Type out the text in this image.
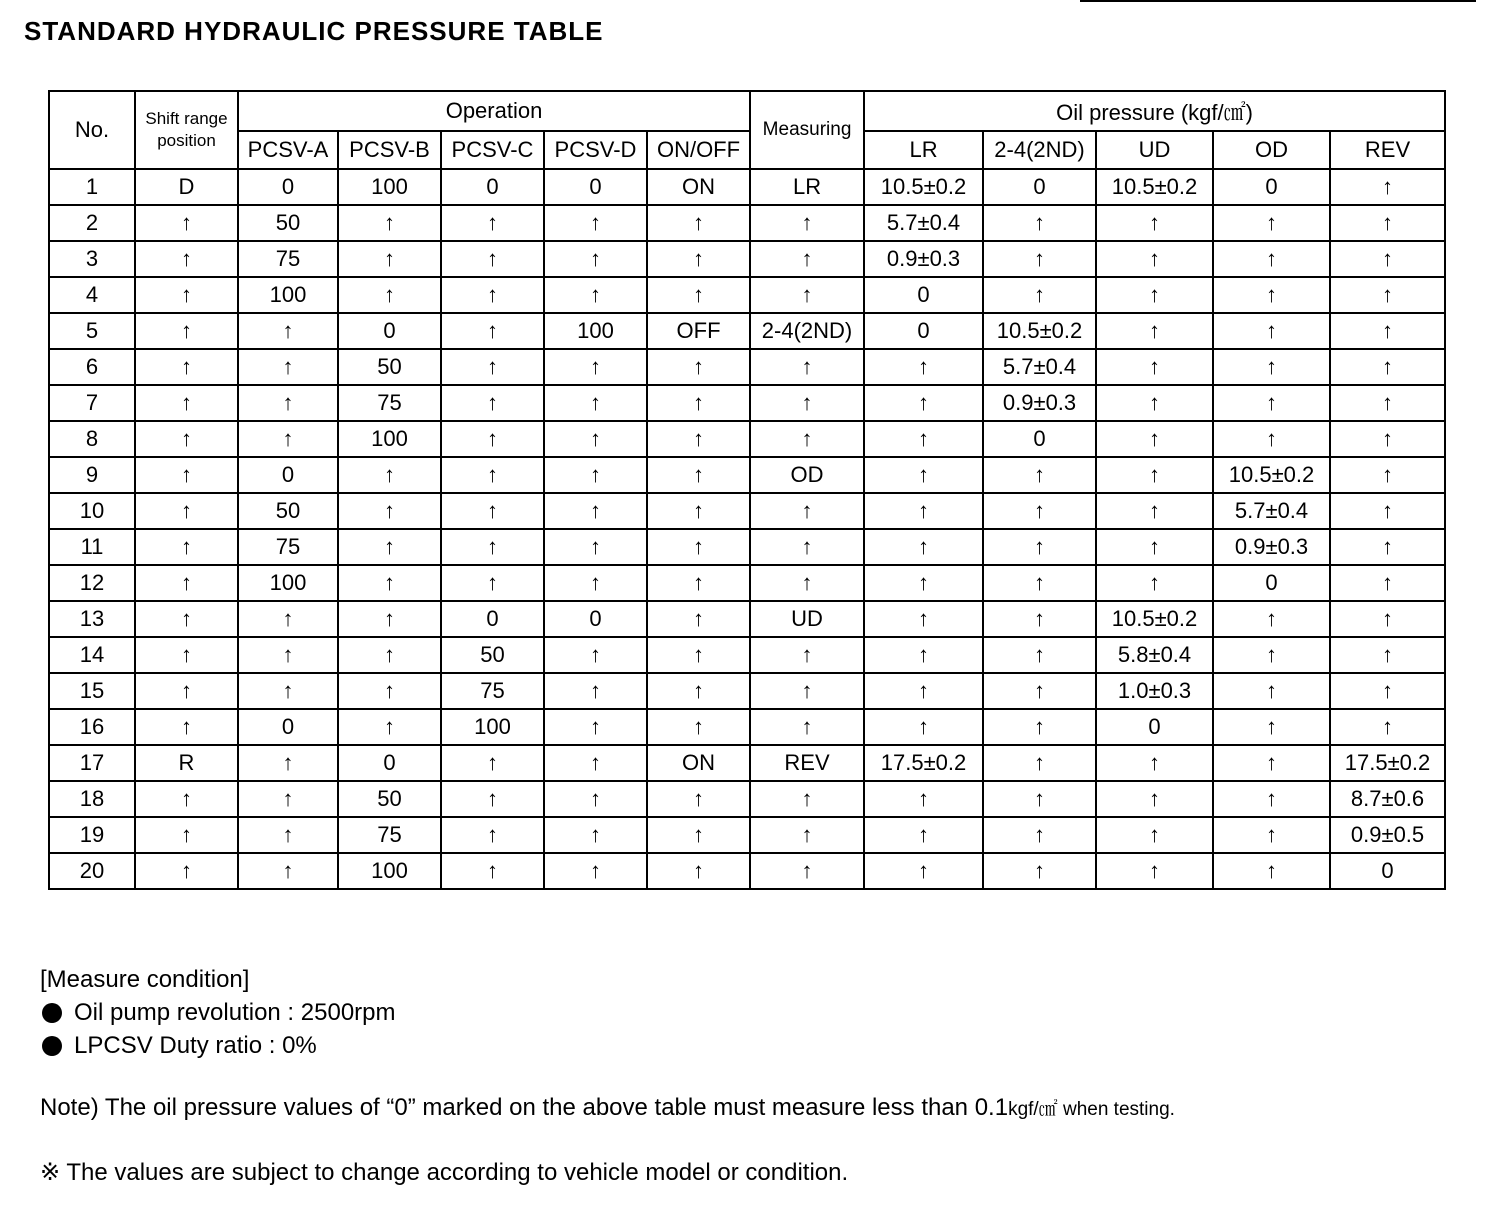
STANDARD HYDRAULIC PRESSURE TABLE
No.	Shift range position	Operation					Measuring	Oil pressure (kgf/㎠)				
		PCSV-A	PCSV-B	PCSV-C	PCSV-D	ON/OFF		LR	2-4(2ND)	UD	OD	REV
1	D	0	100	0	0	ON	LR	10.5±0.2	0	10.5±0.2	0	↑
2	↑	50	↑	↑	↑	↑	↑	5.7±0.4	↑	↑	↑	↑
3	↑	75	↑	↑	↑	↑	↑	0.9±0.3	↑	↑	↑	↑
4	↑	100	↑	↑	↑	↑	↑	0	↑	↑	↑	↑
5	↑	↑	0	↑	100	OFF	2-4(2ND)	0	10.5±0.2	↑	↑	↑
6	↑	↑	50	↑	↑	↑	↑	↑	5.7±0.4	↑	↑	↑
7	↑	↑	75	↑	↑	↑	↑	↑	0.9±0.3	↑	↑	↑
8	↑	↑	100	↑	↑	↑	↑	↑	0	↑	↑	↑
9	↑	0	↑	↑	↑	↑	OD	↑	↑	↑	10.5±0.2	↑
10	↑	50	↑	↑	↑	↑	↑	↑	↑	↑	5.7±0.4	↑
11	↑	75	↑	↑	↑	↑	↑	↑	↑	↑	0.9±0.3	↑
12	↑	100	↑	↑	↑	↑	↑	↑	↑	↑	0	↑
13	↑	↑	↑	0	0	↑	UD	↑	↑	10.5±0.2	↑	↑
14	↑	↑	↑	50	↑	↑	↑	↑	↑	5.8±0.4	↑	↑
15	↑	↑	↑	75	↑	↑	↑	↑	↑	1.0±0.3	↑	↑
16	↑	0	↑	100	↑	↑	↑	↑	↑	0	↑	↑
17	R	↑	0	↑	↑	ON	REV	17.5±0.2	↑	↑	↑	17.5±0.2
18	↑	↑	50	↑	↑	↑	↑	↑	↑	↑	↑	8.7±0.6
19	↑	↑	75	↑	↑	↑	↑	↑	↑	↑	↑	0.9±0.5
20	↑	↑	100	↑	↑	↑	↑	↑	↑	↑	↑	0
[Measure condition]
Oil pump revolution : 2500rpm
LPCSV Duty ratio : 0%
Note) The oil pressure values of “0” marked on the above table must measure less than 0.1kgf/㎠ when testing.
※ The values are subject to change according to vehicle model or condition.
